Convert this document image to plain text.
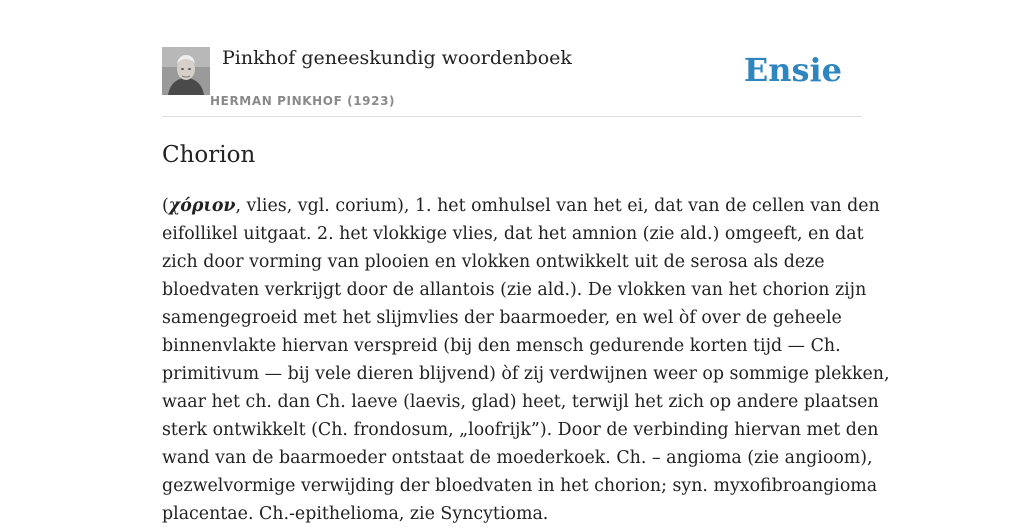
Pinkhof geneeskundig woordenboek
HERMAN PINKHOF (1923)
Ensie
Chorion

(χόριον, vlies, vgl. corium), 1. het omhulsel van het ei, dat van de cellen van den
eifollikel uitgaat. 2. het vlokkige vlies, dat het amnion (zie ald.) omgeeft, en dat
zich door vorming van plooien en vlokken ontwikkelt uit de serosa als deze
bloedvaten verkrijgt door de allantois (zie ald.). De vlokken van het chorion zijn
samengegroeid met het slijmvlies der baarmoeder, en wel òf over de geheele
binnenvlakte hiervan verspreid (bij den mensch gedurende korten tijd — Ch.
primitivum — bij vele dieren blijvend) òf zij verdwijnen weer op sommige plekken,
waar het ch. dan Ch. laeve (laevis, glad) heet, terwijl het zich op andere plaatsen
sterk ontwikkelt (Ch. frondosum, „loofrijk”). Door de verbinding hiervan met den
wand van de baarmoeder ontstaat de moederkoek. Ch. – angioma (zie angioom),
gezwelvormige verwijding der bloedvaten in het chorion; syn. myxofibroangioma
placentae. Ch.-epithelioma, zie Syncytioma.
